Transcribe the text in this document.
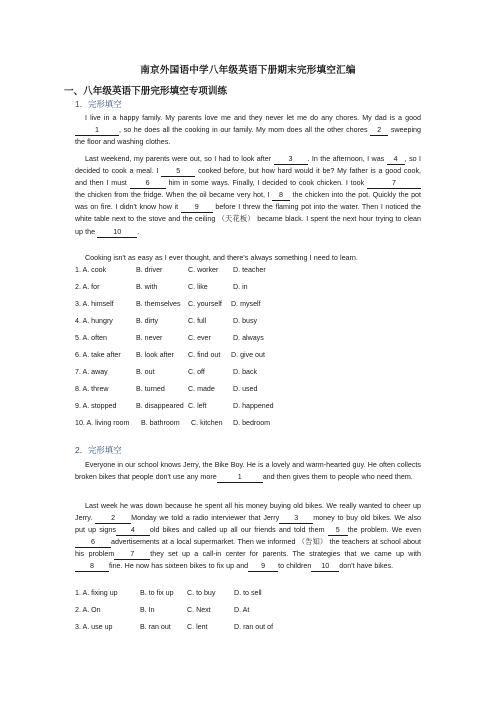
南京外国语中学八年级英语下册期末完形填空汇编
一、八年级英语下册完形填空专项训练
1．完形填空
I live in a happy family. My parents love me and they never let me do any chores. My dad is a good 1	, so he does all the cooking in our family. My mom does all the other chores 2 sweeping the floor and washing clothes.
Last weekend, my parents were out, so I had to look after 3 . In the afternoon, I was 4 , so I decided to cook a meal. I 5 cooked before, but how hard would it be? My father is a good cook, and then I must 6 him in some ways. Finally, I decided to cook chicken. I took	7 the chicken from the fridge. When the oil became very hot, I 8 the chicken into the pot. Quickly the pot was on fire. I didn't know how it 9 before I threw the flaming pot into the water. Then I noticed the white table next to the stove and the ceiling （天花板） became black. I spent the next hour trying to clean up the 10 .
Cooking isn't as easy as I ever thought, and there's always something I need to learn.
1. A. cook	B. driver	C. worker D. teacher
2. A. for	B. with	C. like	D. in
3. A. himself	B. themselves C. yourself D. myself
4. A. hungry	B. dirty	C. full	D. busy
5. A. often	B. never	C. ever	D. always
6. A. take after B. look after C. find out D. give out
7. A. away	B. out	C. off	D. back
8. A. threw	B. turned	C. made	D. used
9. A. stopped	B. disappeared C. left	D. happened
10. A. living room B. bathroom C. kitchen D. bedroom
2．完形填空
Everyone in our school knows Jerry, the Bike Boy. He is a lovely and warm-hearted guy. He often collects broken bikes that people don't use any more	1	and then gives them to people who need them.
Last week he was down because he spent all his money buying old bikes. We really wanted to cheer up Jerry. 2 Monday we told a radio interviewer that Jerry 3 money to buy old bikes. We also put up signs 4 old bikes and called up all our friends and told them 5 the problem. We even6 advertisements at a local supermarket. Then we informed （告知） the teachers at school about his problem 7 they set up a call-in center for parents. The strategies that we came up with8 fine. He now has sixteen bikes to fix up and 9 to children 10 don't have bikes.
1. A. fixing up	B. to fix up C. to buy	D. to sell
2. A. On	B. In	C. Next	D. At
3. A. use up	B. ran out C. lent	D. ran out of
